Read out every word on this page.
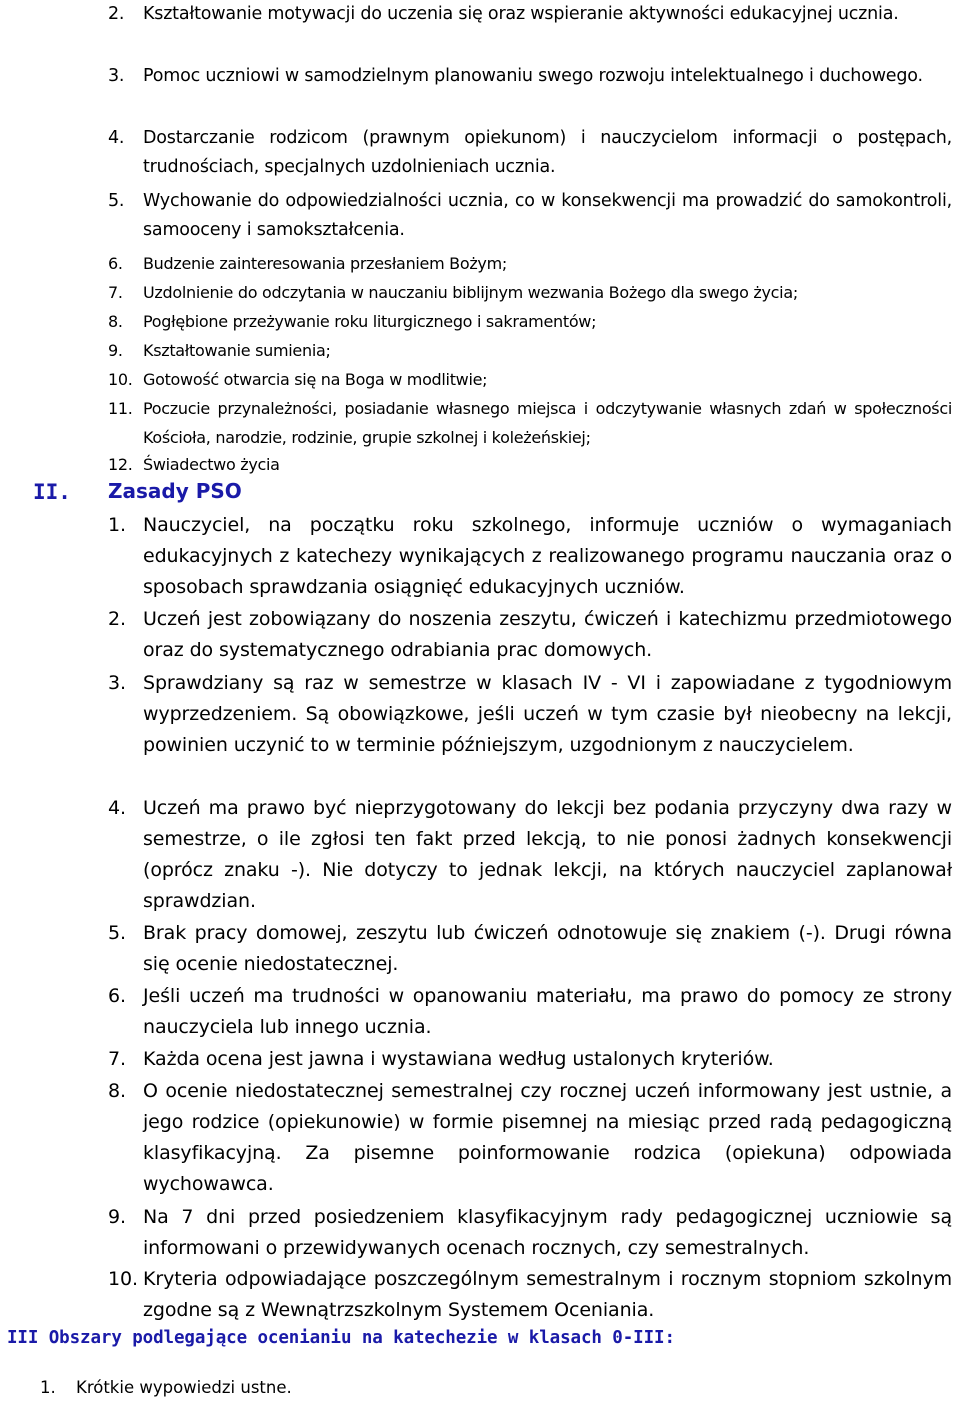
2. Kształtowanie motywacji do uczenia się oraz wspieranie aktywności edukacyjnej ucznia.
3. Pomoc uczniowi w samodzielnym planowaniu swego rozwoju intelektualnego i duchowego.
4. Dostarczanie rodzicom (prawnym opiekunom) i nauczycielom informacji o postępach, trudnościach, specjalnych uzdolnieniach ucznia.
5. Wychowanie do odpowiedzialności ucznia, co w konsekwencji ma prowadzić do samokontroli, samooceny i samokształcenia.
6. Budzenie zainteresowania przesłaniem Bożym;
7. Uzdolnienie do odczytania w nauczaniu biblijnym wezwania Bożego dla swego życia;
8. Pogłębione przeżywanie roku liturgicznego i sakramentów;
9. Kształtowanie sumienia;
10. Gotowość otwarcia się na Boga w modlitwie;
11. Poczucie przynależności, posiadanie własnego miejsca i odczytywanie własnych zdań w społeczności Kościoła, narodzie, rodzinie, grupie szkolnej i koleżeńskiej;
12. Świadectwo życia
II. Zasady PSO
1. Nauczyciel, na początku roku szkolnego, informuje uczniów o wymaganiach edukacyjnych z katechezy wynikających z realizowanego programu nauczania oraz o sposobach sprawdzania osiągnięć edukacyjnych uczniów.
2. Uczeń jest zobowiązany do noszenia zeszytu, ćwiczeń i katechizmu przedmiotowego oraz do systematycznego odrabiania prac domowych.
3. Sprawdziany są raz w semestrze w klasach IV - VI i zapowiadane z tygodniowym wyprzedzeniem. Są obowiązkowe, jeśli uczeń w tym czasie był nieobecny na lekcji, powinien uczynić to w terminie późniejszym, uzgodnionym z nauczycielem.
4. Uczeń ma prawo być nieprzygotowany do lekcji bez podania przyczyny dwa razy w semestrze, o ile zgłosi ten fakt przed lekcją, to nie ponosi żadnych konsekwencji (oprócz znaku -). Nie dotyczy to jednak lekcji, na których nauczyciel zaplanował sprawdzian.
5. Brak pracy domowej, zeszytu lub ćwiczeń odnotowuje się znakiem (-). Drugi równa się ocenie niedostatecznej.
6. Jeśli uczeń ma trudności w opanowaniu materiału, ma prawo do pomocy ze strony nauczyciela lub innego ucznia.
7. Każda ocena jest jawna i wystawiana według ustalonych kryteriów.
8. O ocenie niedostatecznej semestralnej czy rocznej uczeń informowany jest ustnie, a jego rodzice (opiekunowie) w formie pisemnej na miesiąc przed radą pedagogiczną klasyfikacyjną. Za pisemne poinformowanie rodzica (opiekuna) odpowiada wychowawca.
9. Na 7 dni przed posiedzeniem klasyfikacyjnym rady pedagogicznej uczniowie są informowani o przewidywanych ocenach rocznych, czy semestralnych.
10. Kryteria odpowiadające poszczególnym semestralnym i rocznym stopniom szkolnym zgodne są z Wewnątrzszkolnym Systemem Oceniania.
III Obszary podlegające ocenianiu na katechezie w klasach 0-III:
1. Krótkie wypowiedzi ustne.
